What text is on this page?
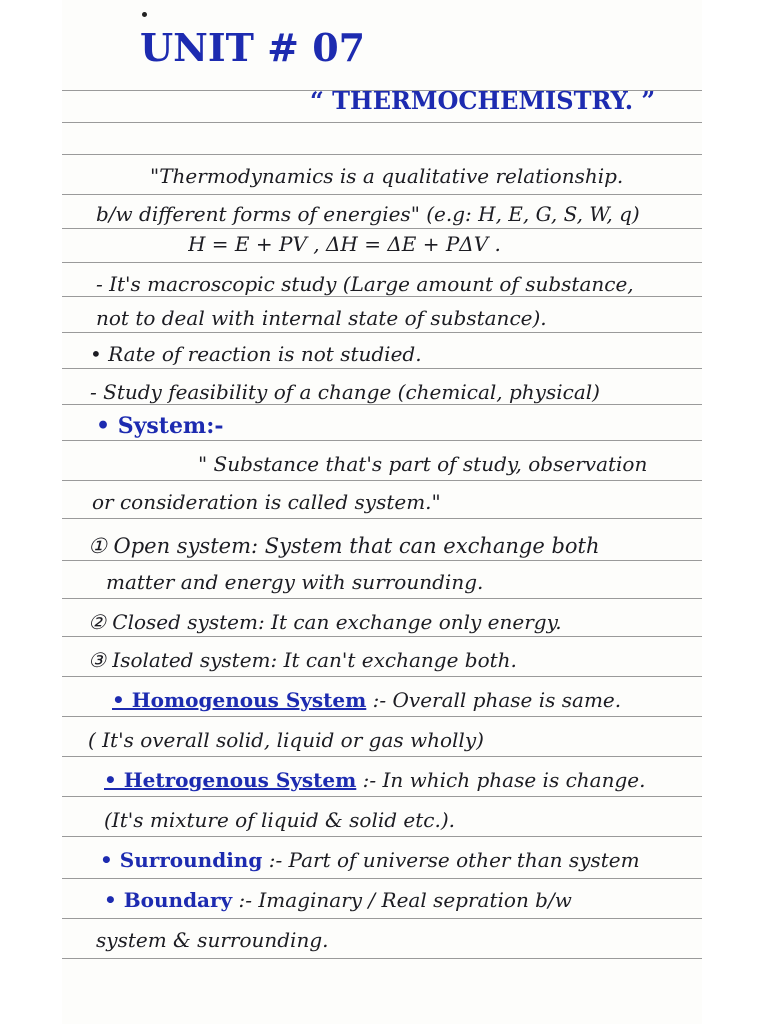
UNIT # 07
“ THERMOCHEMISTRY. ”
"Thermodynamics is a qualitative relationship.
b/w different forms of energies" (e.g: H, E, G, S, W, q)
H = E + PV , ΔH = ΔE + PΔV .
- It's macroscopic study (Large amount of substance,
not to deal with internal state of substance).
• Rate of reaction is not studied.
- Study feasibility of a change (chemical, physical)
• System:-
" Substance that's part of study, observation
or consideration is called system."
① Open system: System that can exchange both
matter and energy with surrounding.
② Closed system: It can exchange only energy.
③ Isolated system: It can't exchange both.
• Homogenous System :- Overall phase is same.
( It's overall solid, liquid or gas wholly)
• Hetrogenous System :- In which phase is change.
(It's mixture of liquid & solid etc.).
• Surrounding :- Part of universe other than system
• Boundary :- Imaginary / Real sepration b/w
system & surrounding.
